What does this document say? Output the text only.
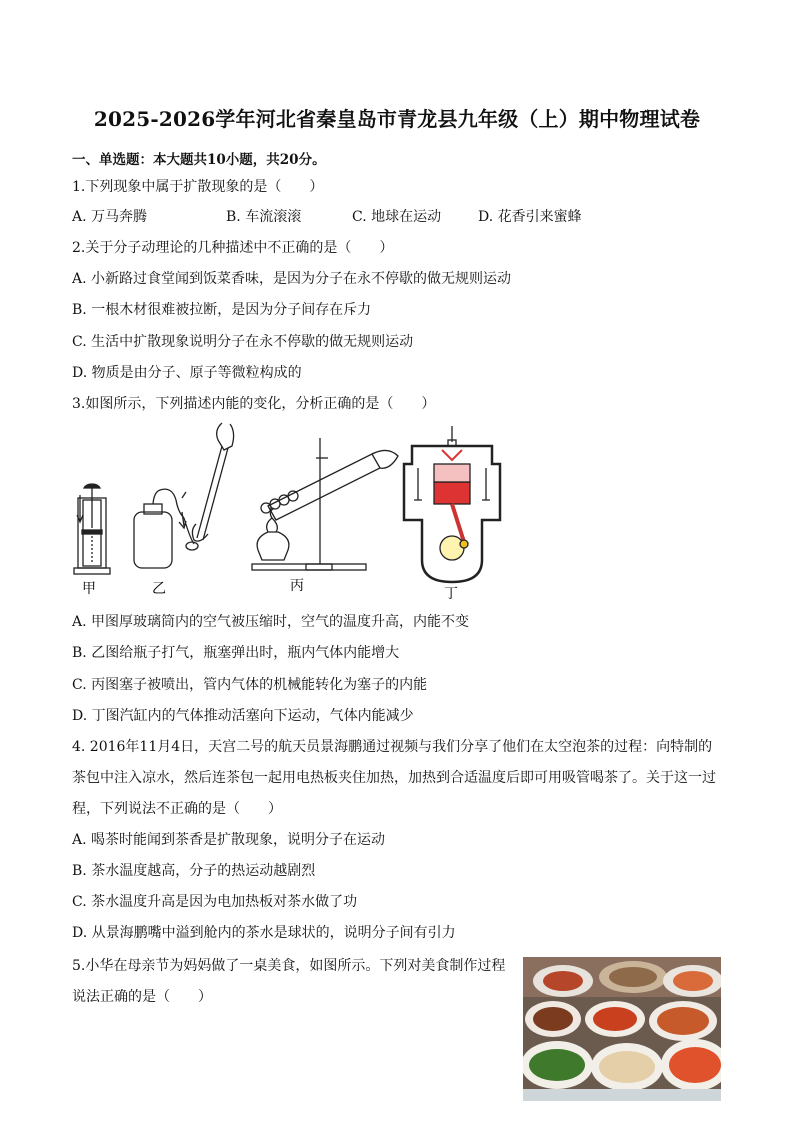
2025-2026学年河北省秦皇岛市青龙县九年级（上）期中物理试卷
一、单选题：本大题共10小题，共20分。
1.下列现象中属于扩散现象的是（　　）
A. 万马奔腾	B. 车流滚滚	C. 地球在运动	D. 花香引来蜜蜂
2.关于分子动理论的几种描述中不正确的是（　　）
A. 小新路过食堂闻到饭菜香味，是因为分子在永不停歇的做无规则运动
B. 一根木材很难被拉断，是因为分子间存在斥力
C. 生活中扩散现象说明分子在永不停歇的做无规则运动
D. 物质是由分子、原子等微粒构成的
3.如图所示，下列描述内能的变化，分析正确的是（　　）
甲	乙	丙	丁
A. 甲图厚玻璃筒内的空气被压缩时，空气的温度升高，内能不变
B. 乙图给瓶子打气，瓶塞弹出时，瓶内气体内能增大
C. 丙图塞子被喷出，管内气体的机械能转化为塞子的内能
D. 丁图汽缸内的气体推动活塞向下运动，气体内能减少
4. 2016年11月4日，天宫二号的航天员景海鹏通过视频与我们分享了他们在太空泡茶的过程：向特制的
茶包中注入凉水，然后连茶包一起用电热板夹住加热，加热到合适温度后即可用吸管喝茶了。关于这一过
程，下列说法不正确的是（　　）
A. 喝茶时能闻到茶香是扩散现象，说明分子在运动
B. 茶水温度越高，分子的热运动越剧烈
C. 茶水温度升高是因为电加热板对茶水做了功
D. 从景海鹏嘴中溢到舱内的茶水是球状的，说明分子间有引力
5.小华在母亲节为妈妈做了一桌美食，如图所示。下列对美食制作过程
说法正确的是（　　）
